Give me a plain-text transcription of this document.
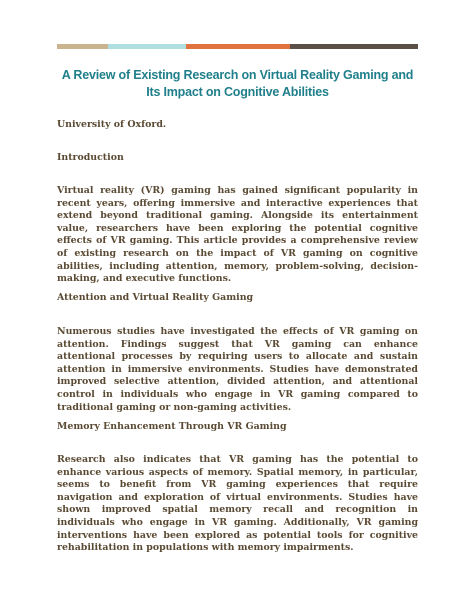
A Review of Existing Research on Virtual Reality Gaming and Its Impact on Cognitive Abilities
University of Oxford.
Introduction
Virtual reality (VR) gaming has gained significant popularity in recent years, offering immersive and interactive experiences that extend beyond traditional gaming. Alongside its entertainment value, researchers have been exploring the potential cognitive effects of VR gaming. This article provides a comprehensive review of existing research on the impact of VR gaming on cognitive abilities, including attention, memory, problem-solving, decision-making, and executive functions.
Attention and Virtual Reality Gaming
Numerous studies have investigated the effects of VR gaming on attention. Findings suggest that VR gaming can enhance attentional processes by requiring users to allocate and sustain attention in immersive environments. Studies have demonstrated improved selective attention, divided attention, and attentional control in individuals who engage in VR gaming compared to traditional gaming or non-gaming activities.
Memory Enhancement Through VR Gaming
Research also indicates that VR gaming has the potential to enhance various aspects of memory. Spatial memory, in particular, seems to benefit from VR gaming experiences that require navigation and exploration of virtual environments. Studies have shown improved spatial memory recall and recognition in individuals who engage in VR gaming. Additionally, VR gaming interventions have been explored as potential tools for cognitive rehabilitation in populations with memory impairments.
